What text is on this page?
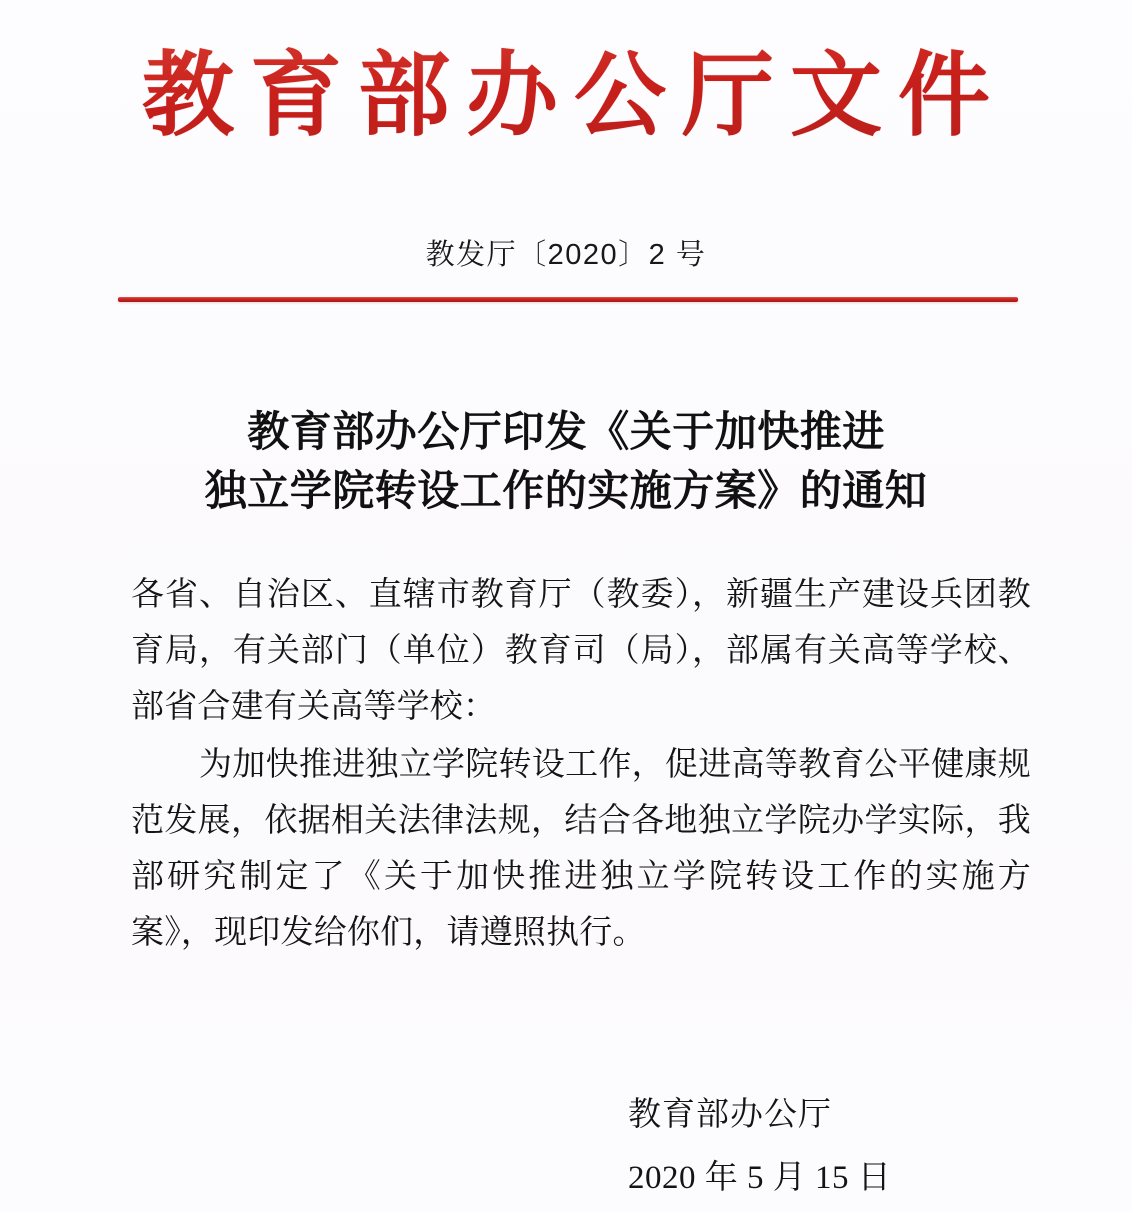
教育部办公厅文件
教发厅〔2020〕2 号
教育部办公厅印发《关于加快推进
独立学院转设工作的实施方案》的通知

各省、自治区、直辖市教育厅（教委），新疆生产建设兵团教育局，有关部门（单位）教育司（局），部属有关高等学校、部省合建有关高等学校：

为加快推进独立学院转设工作，促进高等教育公平健康规范发展，依据相关法律法规，结合各地独立学院办学实际，我部研究制定了《关于加快推进独立学院转设工作的实施方案》，现印发给你们，请遵照执行。

教育部办公厅
2020 年 5 月 15 日
